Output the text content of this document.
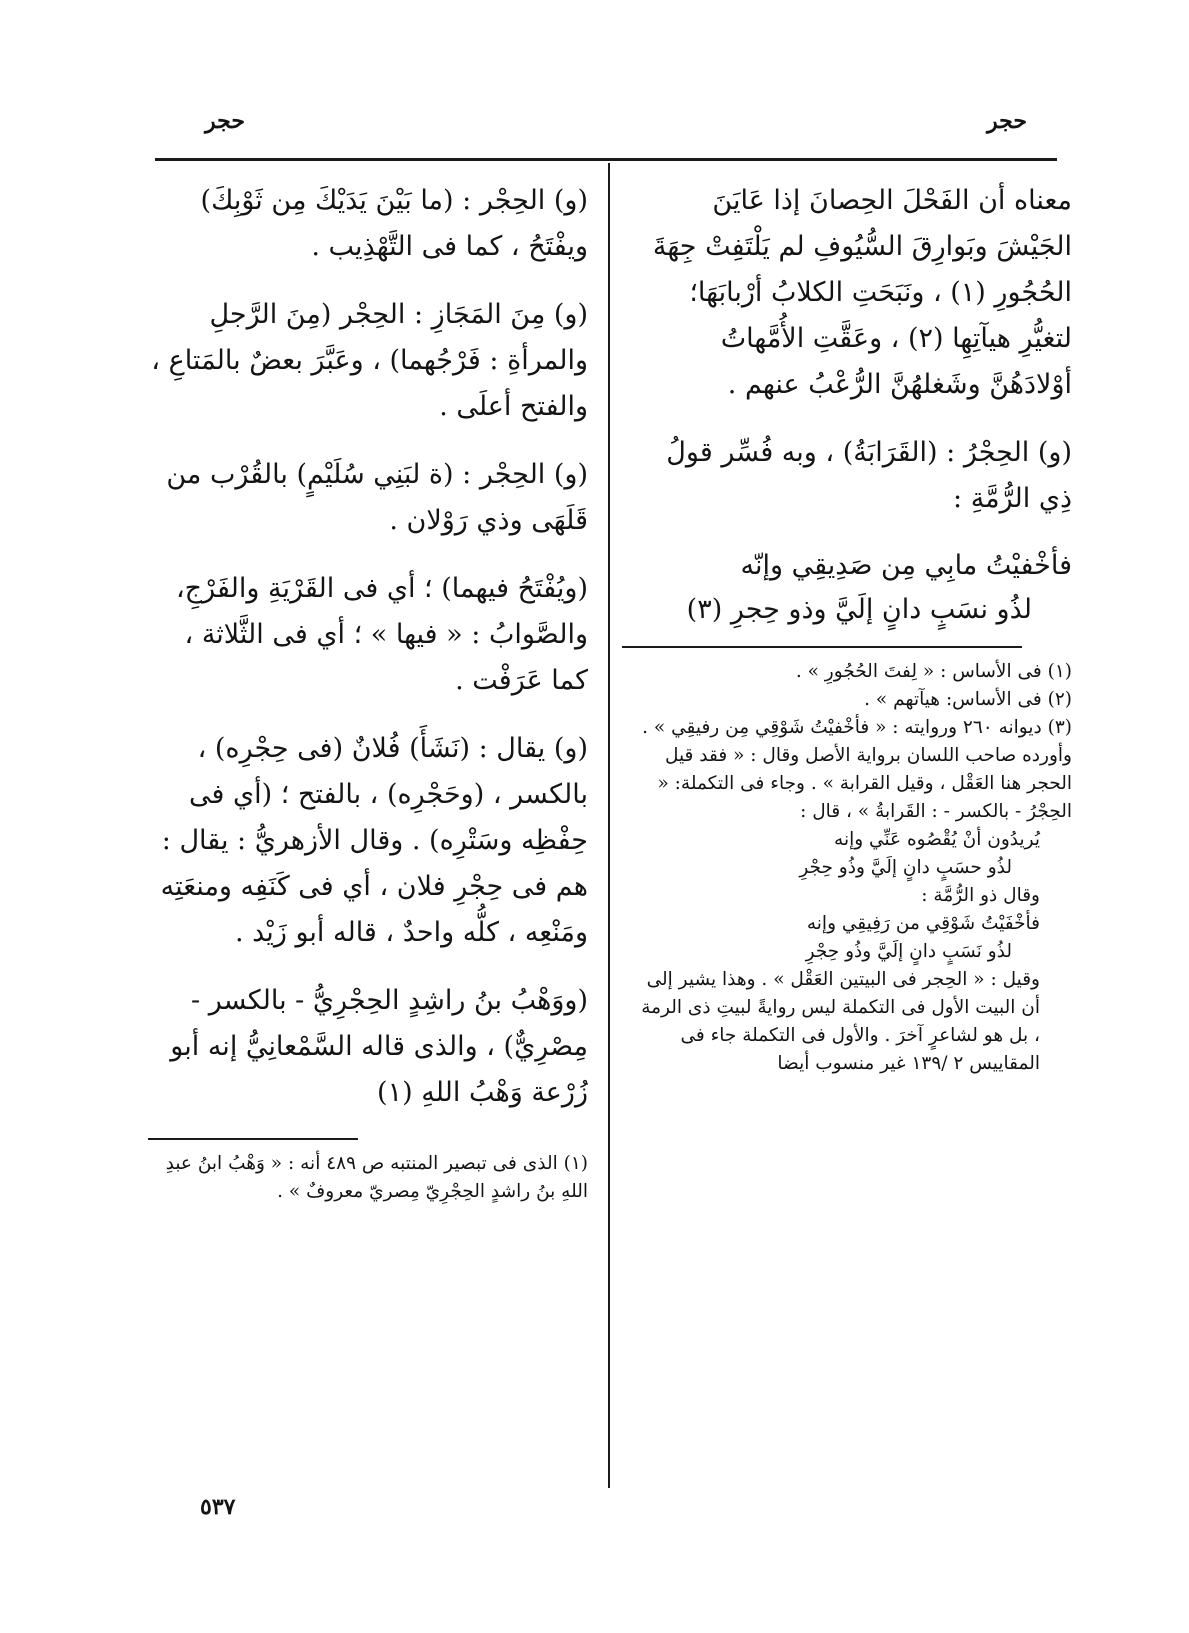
حجر
حجر

معناه أن الفَحْلَ الحِصانَ إذا عَايَنَ الجَيْشَ وبَوارِقَ السُّيُوفِ لم يَلْتَفِتْ جِهَةَ الحُجُورِ (١) ، ونَبَحَتِ الكلابُ أرْبابَهَا؛ لتغيُّرِ هيآتِهِا (٢) ، وعَقَّتِ الأُمَّهاتُ أوْلادَهُنَّ وشَغلهُنَّ الرُّعْبُ عنهم .

(و) الحِجْرُ : (القَرَابَةُ) ، وبه فُسِّر قولُ ذِي الرُّمَّةِ :

فأخْفيْتُ مابِي مِن صَدِيقِي وإنّه
لذُو نسَبٍ دانٍ إلَيَّ وذو حِجرِ (٣)

(١) فى الأساس : « لِفتَ الحُجُورِ » .

(٢) فى الأساس: هيآتهم » .

(٣) ديوانه ٢٦٠ وروايته : « فأخْفيْتُ شَوْقِي مِن رفيقِي » . وأورده صاحب اللسان برواية الأصل وقال : « فقد قيل الحجر هنا العَقْل ، وقيل القرابة » . وجاء فى التكملة: « الحِجْرُ - بالكسر - : القَرابةُ » ، قال :

يُريدُون أنْ يُقْصُوه عَنِّي وإنه

لذُو حسَبٍ دانٍ إلَيَّ وذُو حِجْرِ

وقال ذو الرُّمَّة :

فأخْفَيْتُ شَوْقِي من رَفِيقِي وإنه

لذُو نَسَبٍ دانٍ إلَيَّ وذُو حِجْرِ

وقيل : « الحِجر فى البيتين العَقْل » . وهذا يشير إلى أن البيت الأول فى التكملة ليس روايةً لبيتِ ذى الرمة ، بل هو لشاعرٍ آخرَ . والأول فى التكملة جاء فى المقاييس ٢ /١٣٩ غير منسوب أيضا

(و) الحِجْر : (ما بَيْنَ يَدَيْكَ مِن ثَوْبِكَ) ويفْتَحُ ، كما فى التَّهْذِيب .

(و) مِنَ المَجَازِ : الحِجْر (مِنَ الرَّجلِ والمرأةِ : فَرْجُهما) ، وعَبَّرَ بعضٌ بالمَتاعِ ، والفتح أعلَى .

(و) الحِجْر : (ة لبَنِي سُلَيْمٍ) بالقُرْب من قَلَهَى وذي رَوْلان .

(ويُفْتَحُ فيهما) ؛ أي فى القَرْيَةِ والفَرْجِ، والصَّوابُ : « فيها » ؛ أي فى الثَّلاثة ، كما عَرَفْت .

(و) يقال : (نَشَأَ) فُلانٌ (فى حِجْرِه) ، بالكسر ، (وحَجْرِه) ، بالفتح ؛ (أي فى حِفْظِه وسَتْرِه) . وقال الأزهريُّ : يقال : هم فى حِجْرِ فلان ، أي فى كَنَفِه ومنعَتِه ومَنْعِه ، كلُّه واحدٌ ، قاله أبو زَيْد .

(ووَهْبُ بنُ راشِدٍ الحِجْرِيُّ - بالكسر - مِصْرِيٌّ) ، والذى قاله السَّمْعانِيُّ إنه أبو زُرْعة وَهْبُ اللهِ (١)

(١) الذى فى تبصير المنتبه ص ٤٨٩ أنه : « وَهْبُ ابنُ عبدِ اللهِ بنُ راشدٍ الحِجْرِيّ مِصريّ معروفٌ » .

٥٣٧
